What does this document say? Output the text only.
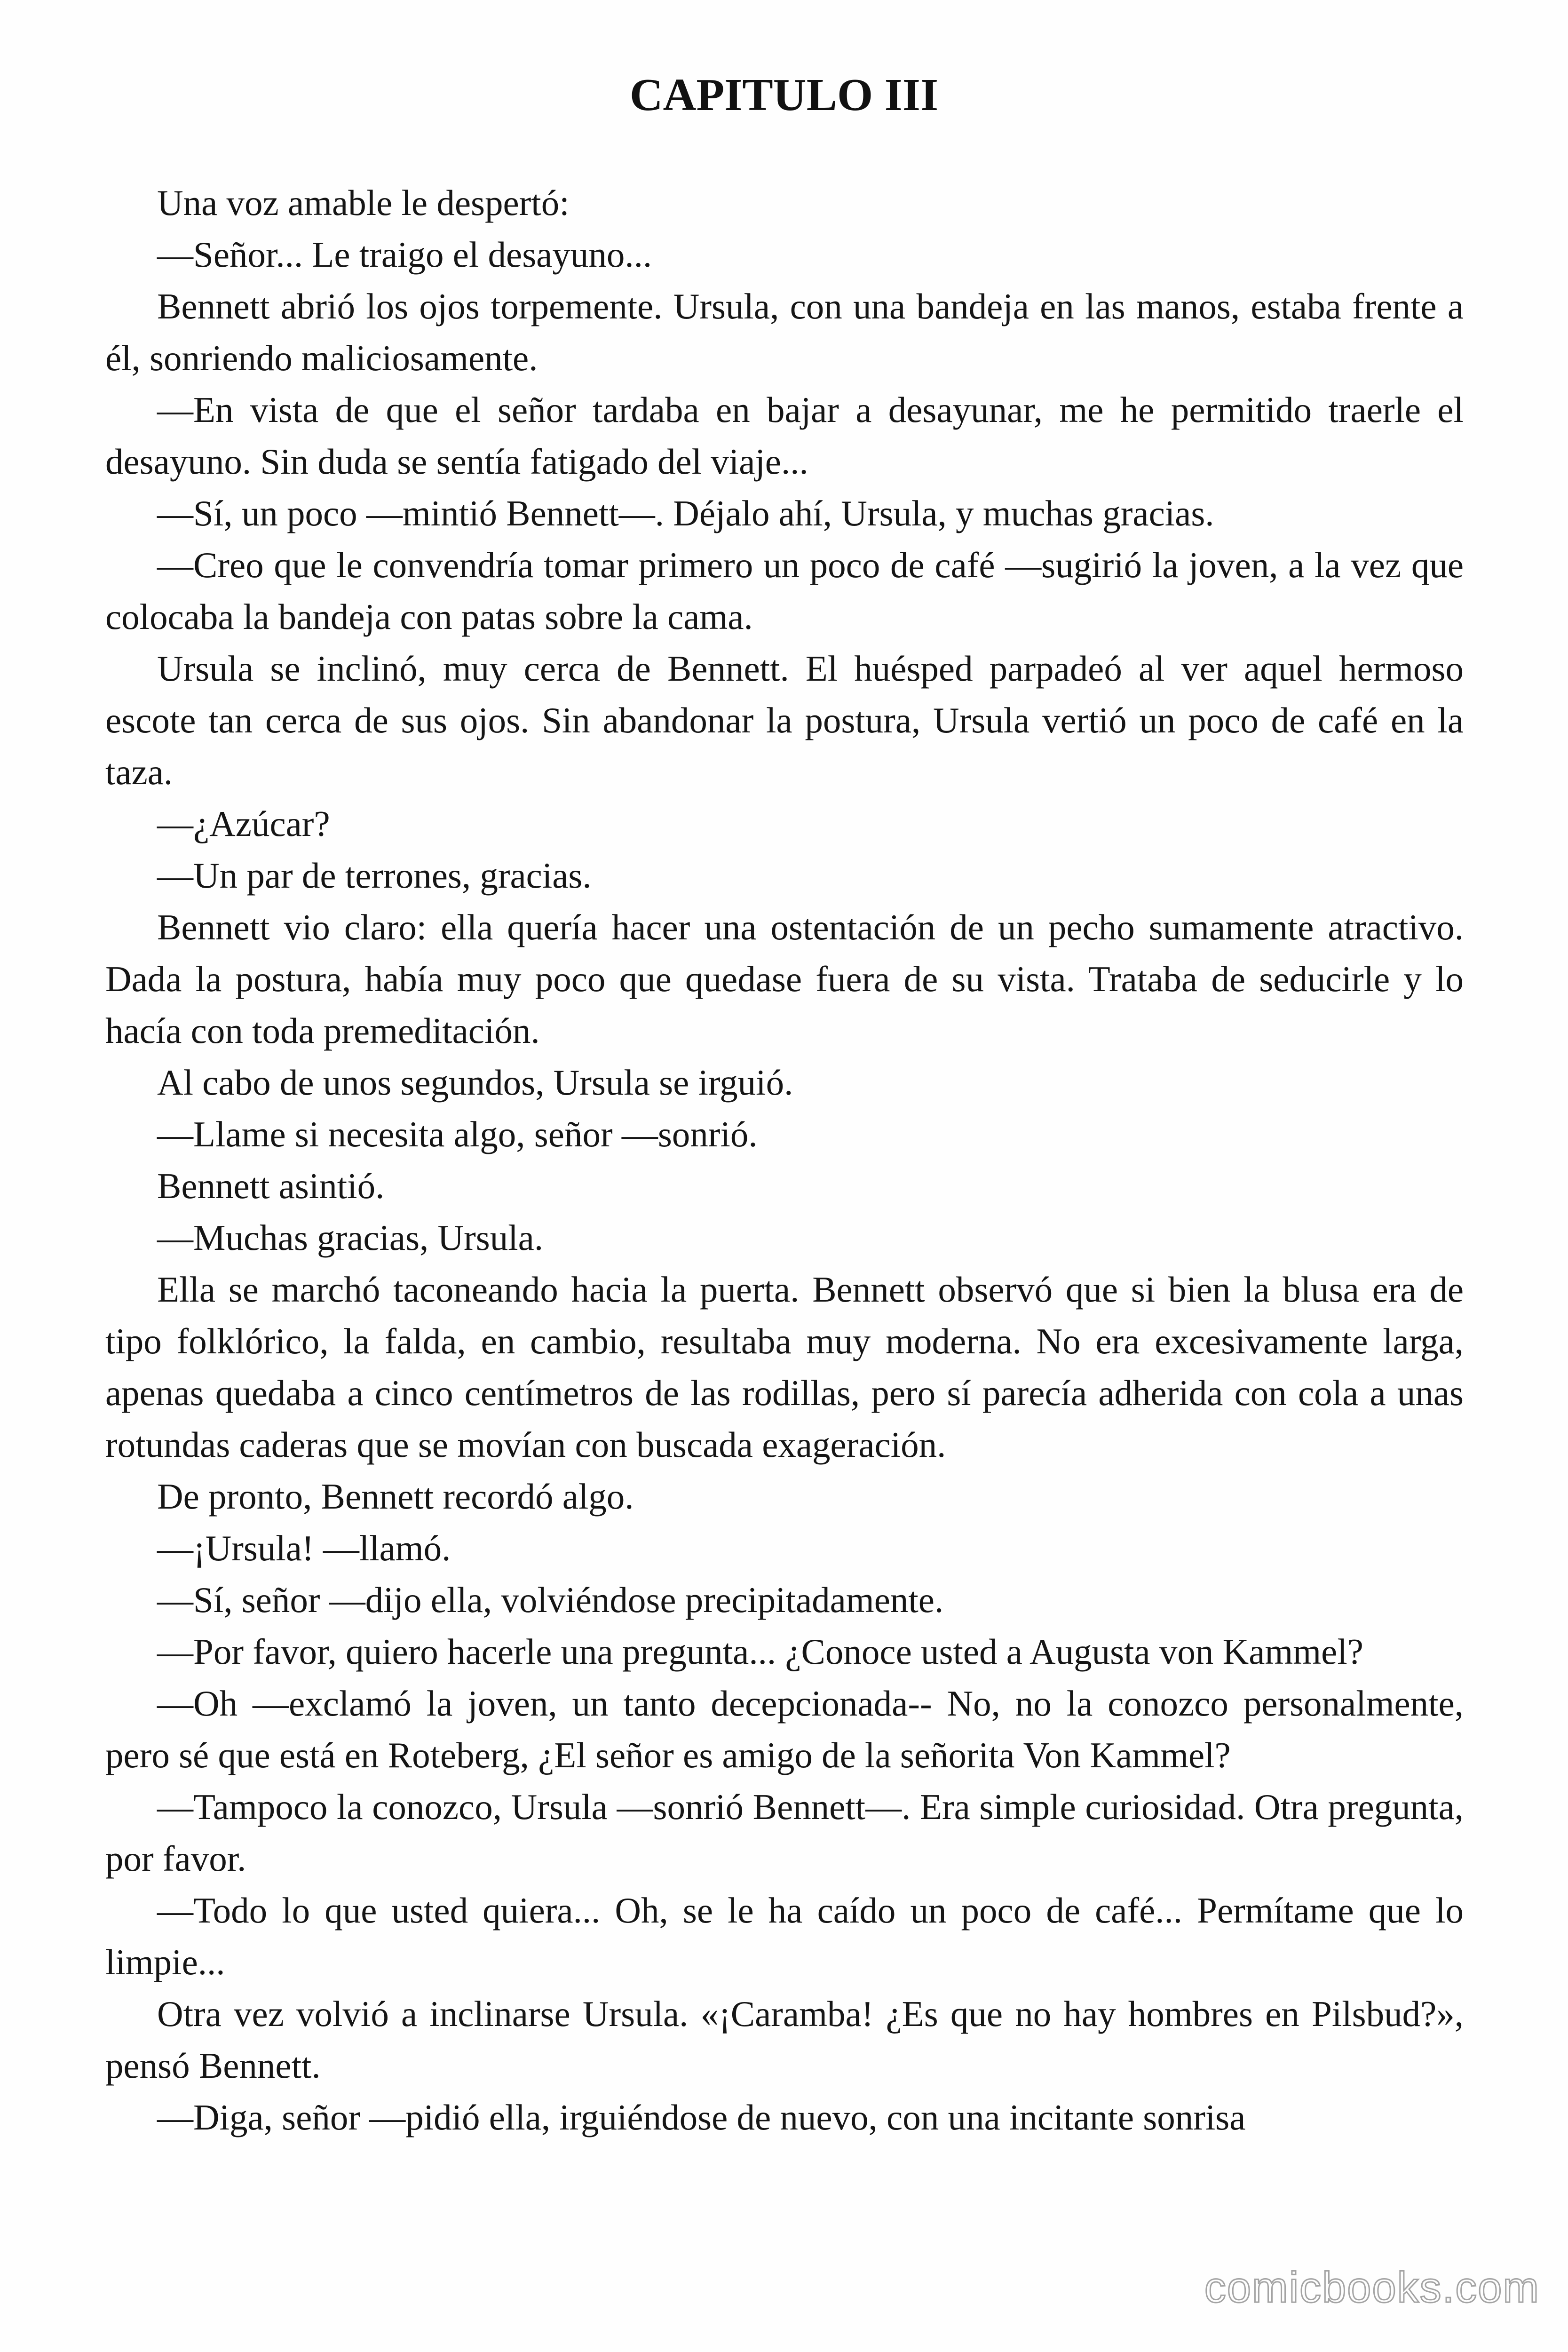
CAPITULO III

Una voz amable le despertó:

—Señor... Le traigo el desayuno...

Bennett abrió los ojos torpemente. Ursula, con una bandeja en las manos, estaba frente a él, sonriendo maliciosamente.

—En vista de que el señor tardaba en bajar a desayunar, me he permitido traerle el desayuno. Sin duda se sentía fatigado del viaje...

—Sí, un poco —mintió Bennett—. Déjalo ahí, Ursula, y muchas gracias.

—Creo que le convendría tomar primero un poco de café —sugirió la joven, a la vez que colocaba la bandeja con patas sobre la cama.

Ursula se inclinó, muy cerca de Bennett. El huésped parpadeó al ver aquel hermoso escote tan cerca de sus ojos. Sin abandonar la postura, Ursula vertió un poco de café en la taza.

—¿Azúcar?

—Un par de terrones, gracias.

Bennett vio claro: ella quería hacer una ostentación de un pecho sumamente atractivo. Dada la postura, había muy poco que quedase fuera de su vista. Trataba de seducirle y lo hacía con toda premeditación.

Al cabo de unos segundos, Ursula se irguió.

—Llame si necesita algo, señor —sonrió.

Bennett asintió.

—Muchas gracias, Ursula.

Ella se marchó taconeando hacia la puerta. Bennett observó que si bien la blusa era de tipo folklórico, la falda, en cambio, resultaba muy moderna. No era excesivamente larga, apenas quedaba a cinco centímetros de las rodillas, pero sí parecía adherida con cola a unas rotundas caderas que se movían con buscada exageración.

De pronto, Bennett recordó algo.

—¡Ursula! —llamó.

—Sí, señor —dijo ella, volviéndose precipitadamente.

—Por favor, quiero hacerle una pregunta... ¿Conoce usted a Augusta von Kammel?

—Oh —exclamó la joven, un tanto decepcionada-- No, no la conozco personalmente, pero sé que está en Roteberg, ¿El señor es amigo de la señorita Von Kammel?

—Tampoco la conozco, Ursula —sonrió Bennett—. Era simple curiosidad. Otra pregunta, por favor.

—Todo lo que usted quiera... Oh, se le ha caído un poco de café... Permítame que lo limpie...

Otra vez volvió a inclinarse Ursula. «¡Caramba! ¿Es que no hay hombres en Pilsbud?», pensó Bennett.

—Diga, señor —pidió ella, irguiéndose de nuevo, con una incitante sonrisa

comicbooks.com
